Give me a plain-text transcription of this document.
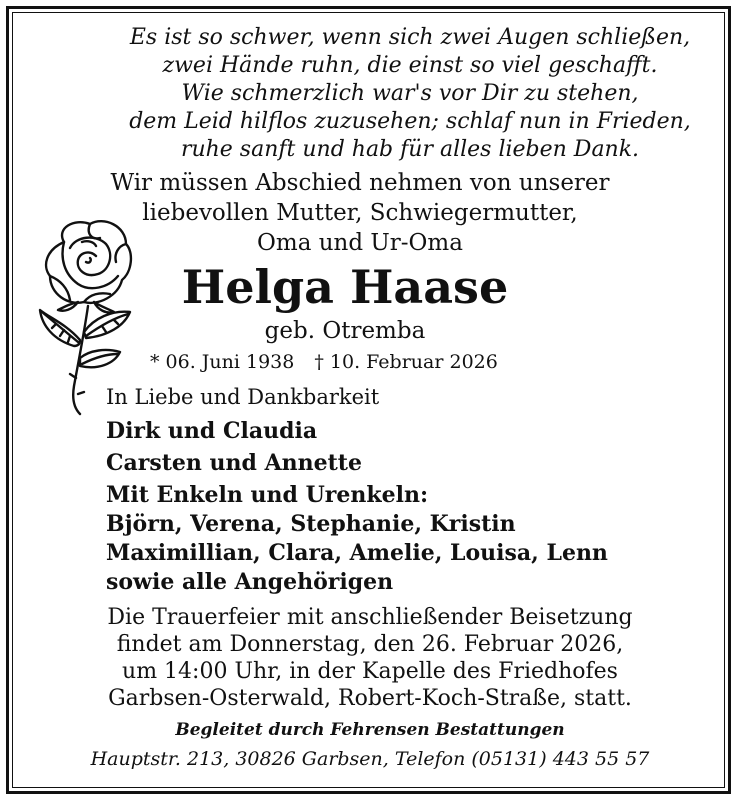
Es ist so schwer, wenn sich zwei Augen schließen,
zwei Hände ruhn, die einst so viel geschafft.
Wie schmerzlich war's vor Dir zu stehen,
dem Leid hilflos zuzusehen; schlaf nun in Frieden,
ruhe sanft und hab für alles lieben Dank.
Wir müssen Abschied nehmen von unserer
liebevollen Mutter, Schwiegermutter,
Oma und Ur-Oma
Helga Haase
geb. Otremba
* 06. Juni 1938 † 10. Februar 2026
In Liebe und Dankbarkeit
Dirk und Claudia
Carsten und Annette
Mit Enkeln und Urenkeln:
Björn, Verena, Stephanie, Kristin
Maximillian, Clara, Amelie, Louisa, Lenn
sowie alle Angehörigen
Die Trauerfeier mit anschließender Beisetzung
findet am Donnerstag, den 26. Februar 2026,
um 14:00 Uhr, in der Kapelle des Friedhofes
Garbsen-Osterwald, Robert-Koch-Straße, statt.
Begleitet durch Fehrensen Bestattungen
Hauptstr. 213, 30826 Garbsen, Telefon (05131) 443 55 57
